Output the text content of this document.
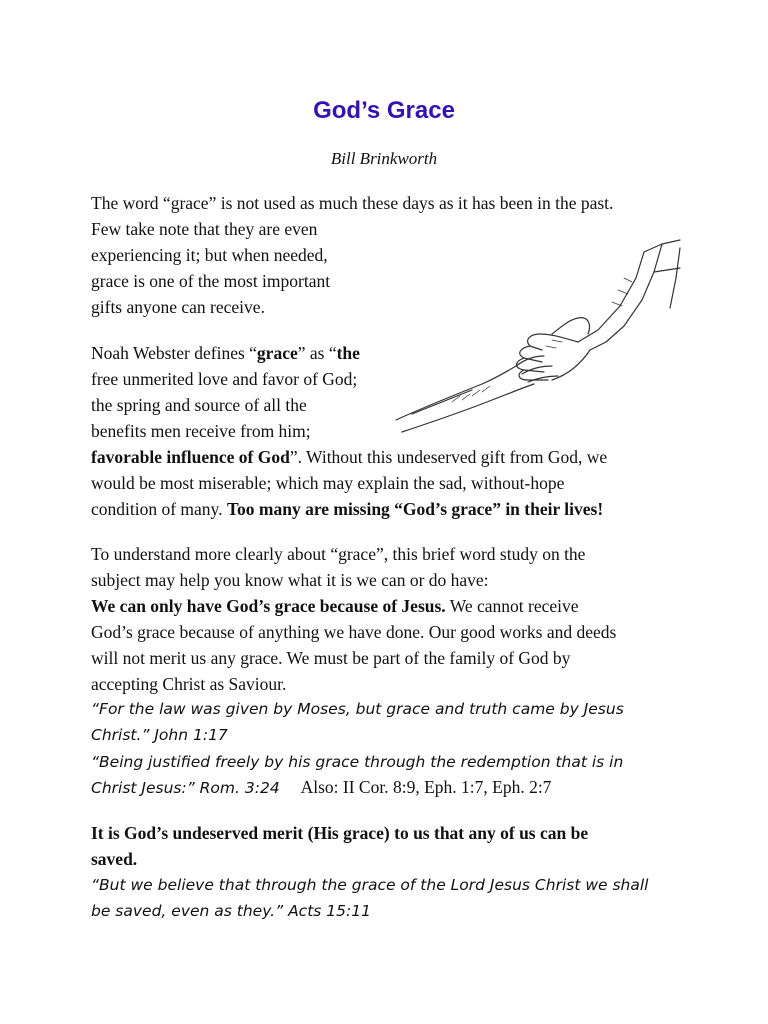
God’s Grace
Bill Brinkworth
The word “grace” is not used as much these days as it has been in the past.
Few take note that they are even
experiencing it; but when needed,
grace is one of the most important
gifts anyone can receive.
Noah Webster defines “grace” as “the
free unmerited love and favor of God;
the spring and source of all the
benefits men receive from him;
favorable influence of God”. Without this undeserved gift from God, we
would be most miserable; which may explain the sad, without-hope
condition of many. Too many are missing “God’s grace” in their lives!
To understand more clearly about “grace”, this brief word study on the
subject may help you know what it is we can or do have:
We can only have God’s grace because of Jesus. We cannot receive
God’s grace because of anything we have done. Our good works and deeds
will not merit us any grace. We must be part of the family of God by
accepting Christ as Saviour.
“For the law was given by Moses, but grace and truth came by Jesus
Christ.” John 1:17
“Being justified freely by his grace through the redemption that is in
Christ Jesus:” Rom. 3:24     Also: II Cor. 8:9, Eph. 1:7, Eph. 2:7
It is God’s undeserved merit (His grace) to us that any of us can be
saved.
“But we believe that through the grace of the Lord Jesus Christ we shall
be saved, even as they.” Acts 15:11
